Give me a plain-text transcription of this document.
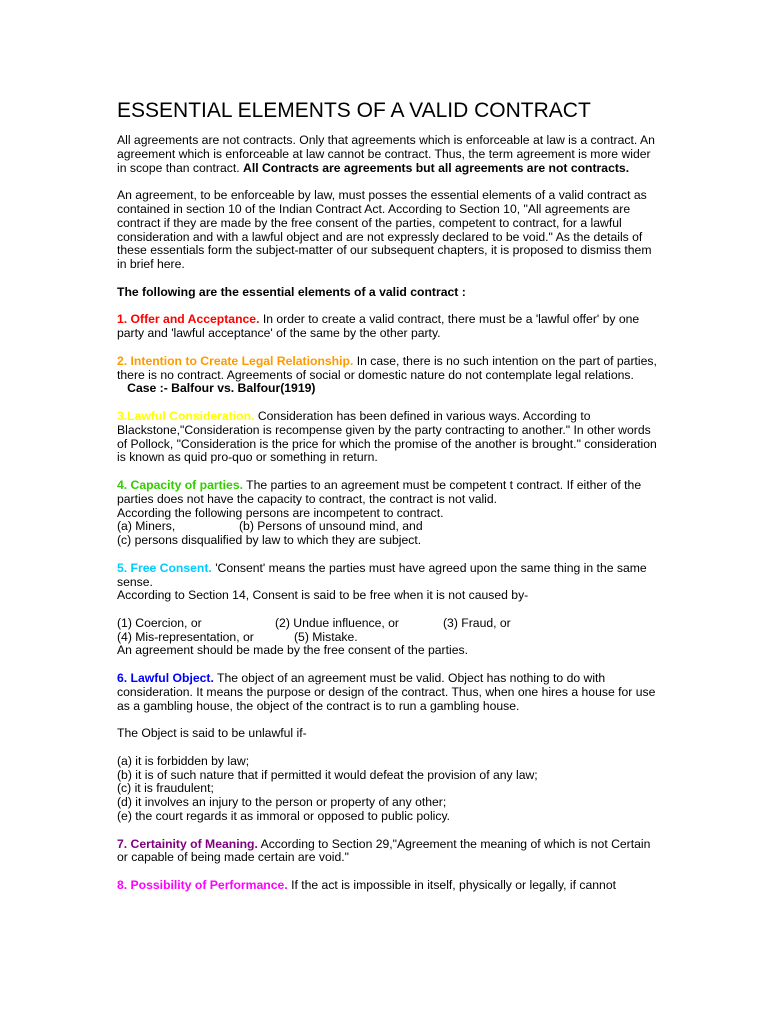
ESSENTIAL ELEMENTS OF A VALID CONTRACT

All agreements are not contracts. Only that agreements which is enforceable at law is a contract. An agreement which is enforceable at law cannot be contract. Thus, the term agreement is more wider in scope than contract. All Contracts are agreements but all agreements are not contracts.

An agreement, to be enforceable by law, must posses the essential elements of a valid contract as contained in section 10 of the Indian Contract Act. According to Section 10, "All agreements are contract if they are made by the free consent of the parties, competent to contract, for a lawful consideration and with a lawful object and are not expressly declared to be void." As the details of these essentials form the subject-matter of our subsequent chapters, it is proposed to dismiss them in brief here.

The following are the essential elements of a valid contract :

1. Offer and Acceptance. In order to create a valid contract, there must be a 'lawful offer' by one party and 'lawful acceptance' of the same by the other party.

2. Intention to Create Legal Relationship. In case, there is no such intention on the part of parties, there is no contract. Agreements of social or domestic nature do not contemplate legal relations.
Case :- Balfour vs. Balfour(1919)

3.Lawful Consideration. Consideration has been defined in various ways. According to Blackstone,"Consideration is recompense given by the party contracting to another." In other words of Pollock, "Consideration is the price for which the promise of the another is brought." consideration is known as quid pro-quo or something in return.

4. Capacity of parties. The parties to an agreement must be competent t contract. If either of the parties does not have the capacity to contract, the contract is not valid.
According the following persons are incompetent to contract.
(a) Miners,	(b) Persons of unsound mind, and
(c) persons disqualified by law to which they are subject.

5. Free Consent. 'Consent' means the parties must have agreed upon the same thing in the same sense.
According to Section 14, Consent is said to be free when it is not caused by-

(1) Coercion, or	(2) Undue influence, or	(3) Fraud, or
(4) Mis-representation, or	(5) Mistake.
An agreement should be made by the free consent of the parties.

6. Lawful Object. The object of an agreement must be valid. Object has nothing to do with consideration. It means the purpose or design of the contract. Thus, when one hires a house for use as a gambling house, the object of the contract is to run a gambling house.

The Object is said to be unlawful if-

(a) it is forbidden by law;
(b) it is of such nature that if permitted it would defeat the provision of any law;
(c) it is fraudulent;
(d) it involves an injury to the person or property of any other;
(e) the court regards it as immoral or opposed to public policy.

7. Certainity of Meaning. According to Section 29,"Agreement the meaning of which is not Certain or capable of being made certain are void."

8. Possibility of Performance. If the act is impossible in itself, physically or legally, if cannot
